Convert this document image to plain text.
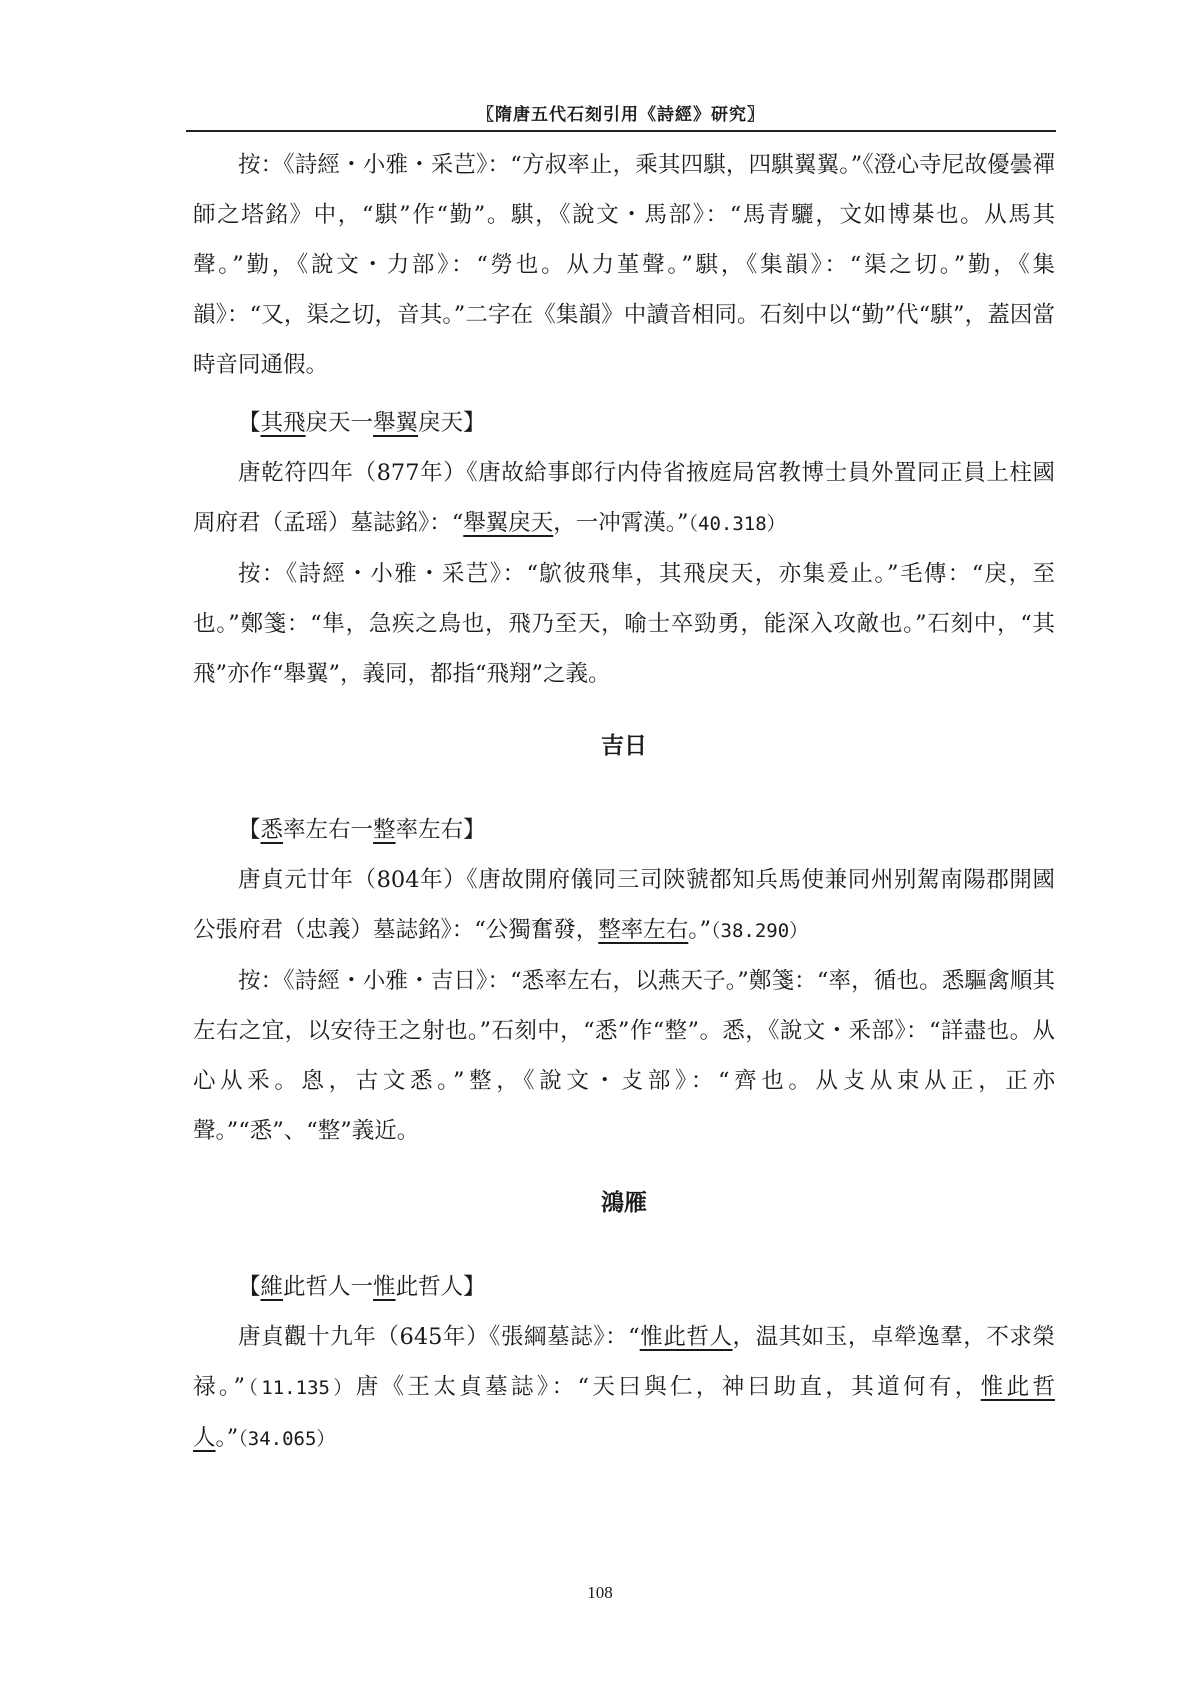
〖隋唐五代石刻引用《詩經》研究〗

按：《詩經・小雅・采芑》：“方叔率止，乘其四騏，四騏翼翼。”《澄心寺尼故優曇禪師之塔銘》中，“騏”作“勤”。騏，《說文・馬部》：“馬青驪，文如博棊也。从馬其聲。”勤，《說文・力部》：“勞也。从力堇聲。”騏，《集韻》：“渠之切。”勤，《集韻》：“又，渠之切，音其。”二字在《集韻》中讀音相同。石刻中以“勤”代“騏”，蓋因當時音同通假。

【其飛戾天一舉翼戾天】

唐乾符四年（877年）《唐故給事郎行内侍省掖庭局宮教博士員外置同正員上柱國周府君（孟瑶）墓誌銘》：“舉翼戾天，一冲霄漢。”（40.318）

按：《詩經・小雅・采芑》：“鴥彼飛隼，其飛戾天，亦集爰止。”毛傳：“戾，至也。”鄭箋：“隼，急疾之鳥也，飛乃至天，喻士卒勁勇，能深入攻敵也。”石刻中，“其飛”亦作“舉翼”，義同，都指“飛翔”之義。

吉日

【悉率左右一整率左右】

唐貞元廿年（804年）《唐故開府儀同三司陝虢都知兵馬使兼同州别駕南陽郡開國公張府君（忠義）墓誌銘》：“公獨奮發，整率左右。”（38.290）

按：《詩經・小雅・吉日》：“悉率左右，以燕天子。”鄭箋：“率，循也。悉驅禽順其左右之宜，以安待王之射也。”石刻中，“悉”作“整”。悉，《說文・釆部》：“詳盡也。从心从釆。恖，古文悉。”整，《說文・攴部》：“齊也。从攴从束从正，正亦聲。”“悉”、“整”義近。

鴻雁

【維此哲人一惟此哲人】

唐貞觀十九年（645年）《張綱墓誌》：“惟此哲人，温其如玉，卓犖逸羣，不求榮禄。”（11.135）唐《王太貞墓誌》：“天曰與仁，神曰助直，其道何有，惟此哲人。”（34.065）

108
